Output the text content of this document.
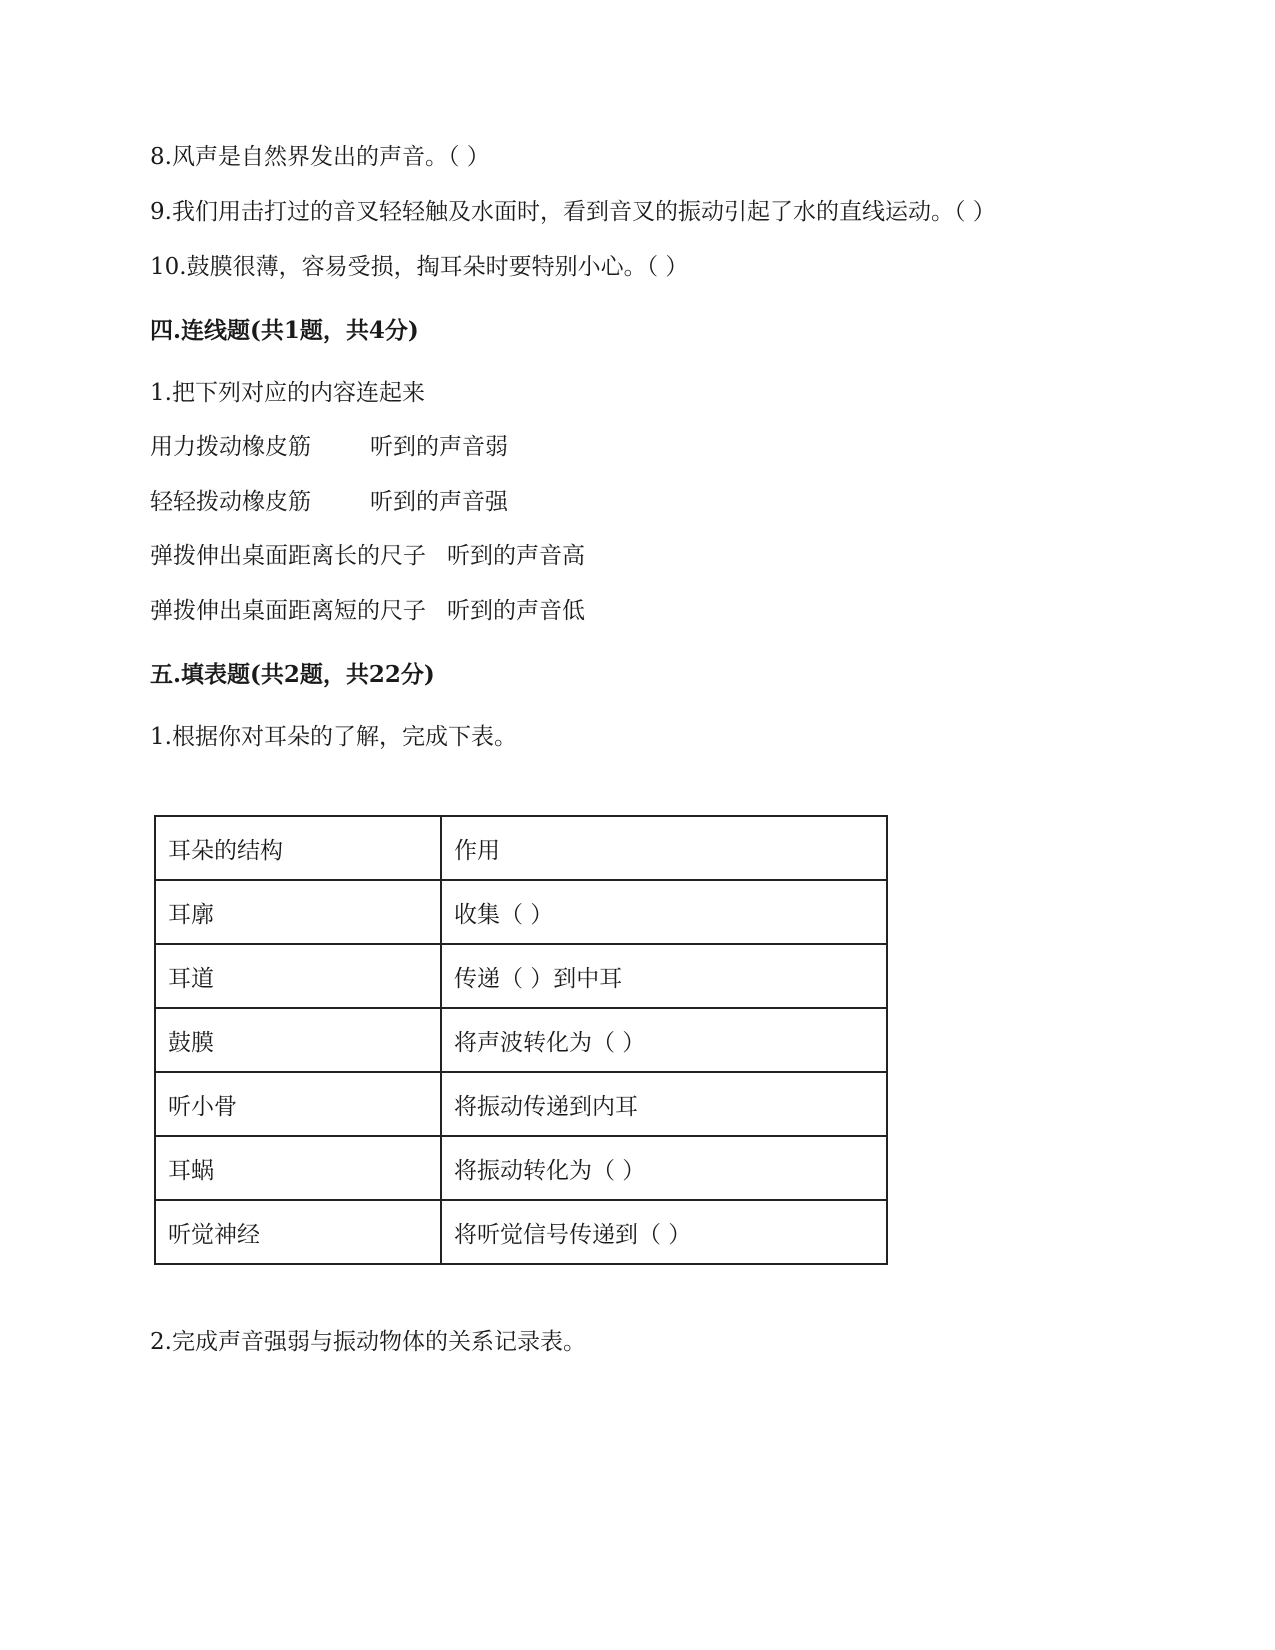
8.风声是自然界发出的声音。（ ）
9.我们用击打过的音叉轻轻触及水面时，看到音叉的振动引起了水的直线运动。（ ）
10.鼓膜很薄，容易受损，掏耳朵时要特别小心。（ ）
四.连线题(共1题，共4分)
1.把下列对应的内容连起来
用力拨动橡皮筋	听到的声音弱
轻轻拨动橡皮筋	听到的声音强
弹拨伸出桌面距离长的尺子 听到的声音高
弹拨伸出桌面距离短的尺子 听到的声音低
五.填表题(共2题，共22分)
1.根据你对耳朵的了解，完成下表。
耳朵的结构	作用
耳廓	收集（ ）
耳道	传递（ ）到中耳
鼓膜	将声波转化为（ ）
听小骨	将振动传递到内耳
耳蜗	将振动转化为（ ）
听觉神经	将听觉信号传递到（ ）
2.完成声音强弱与振动物体的关系记录表。
